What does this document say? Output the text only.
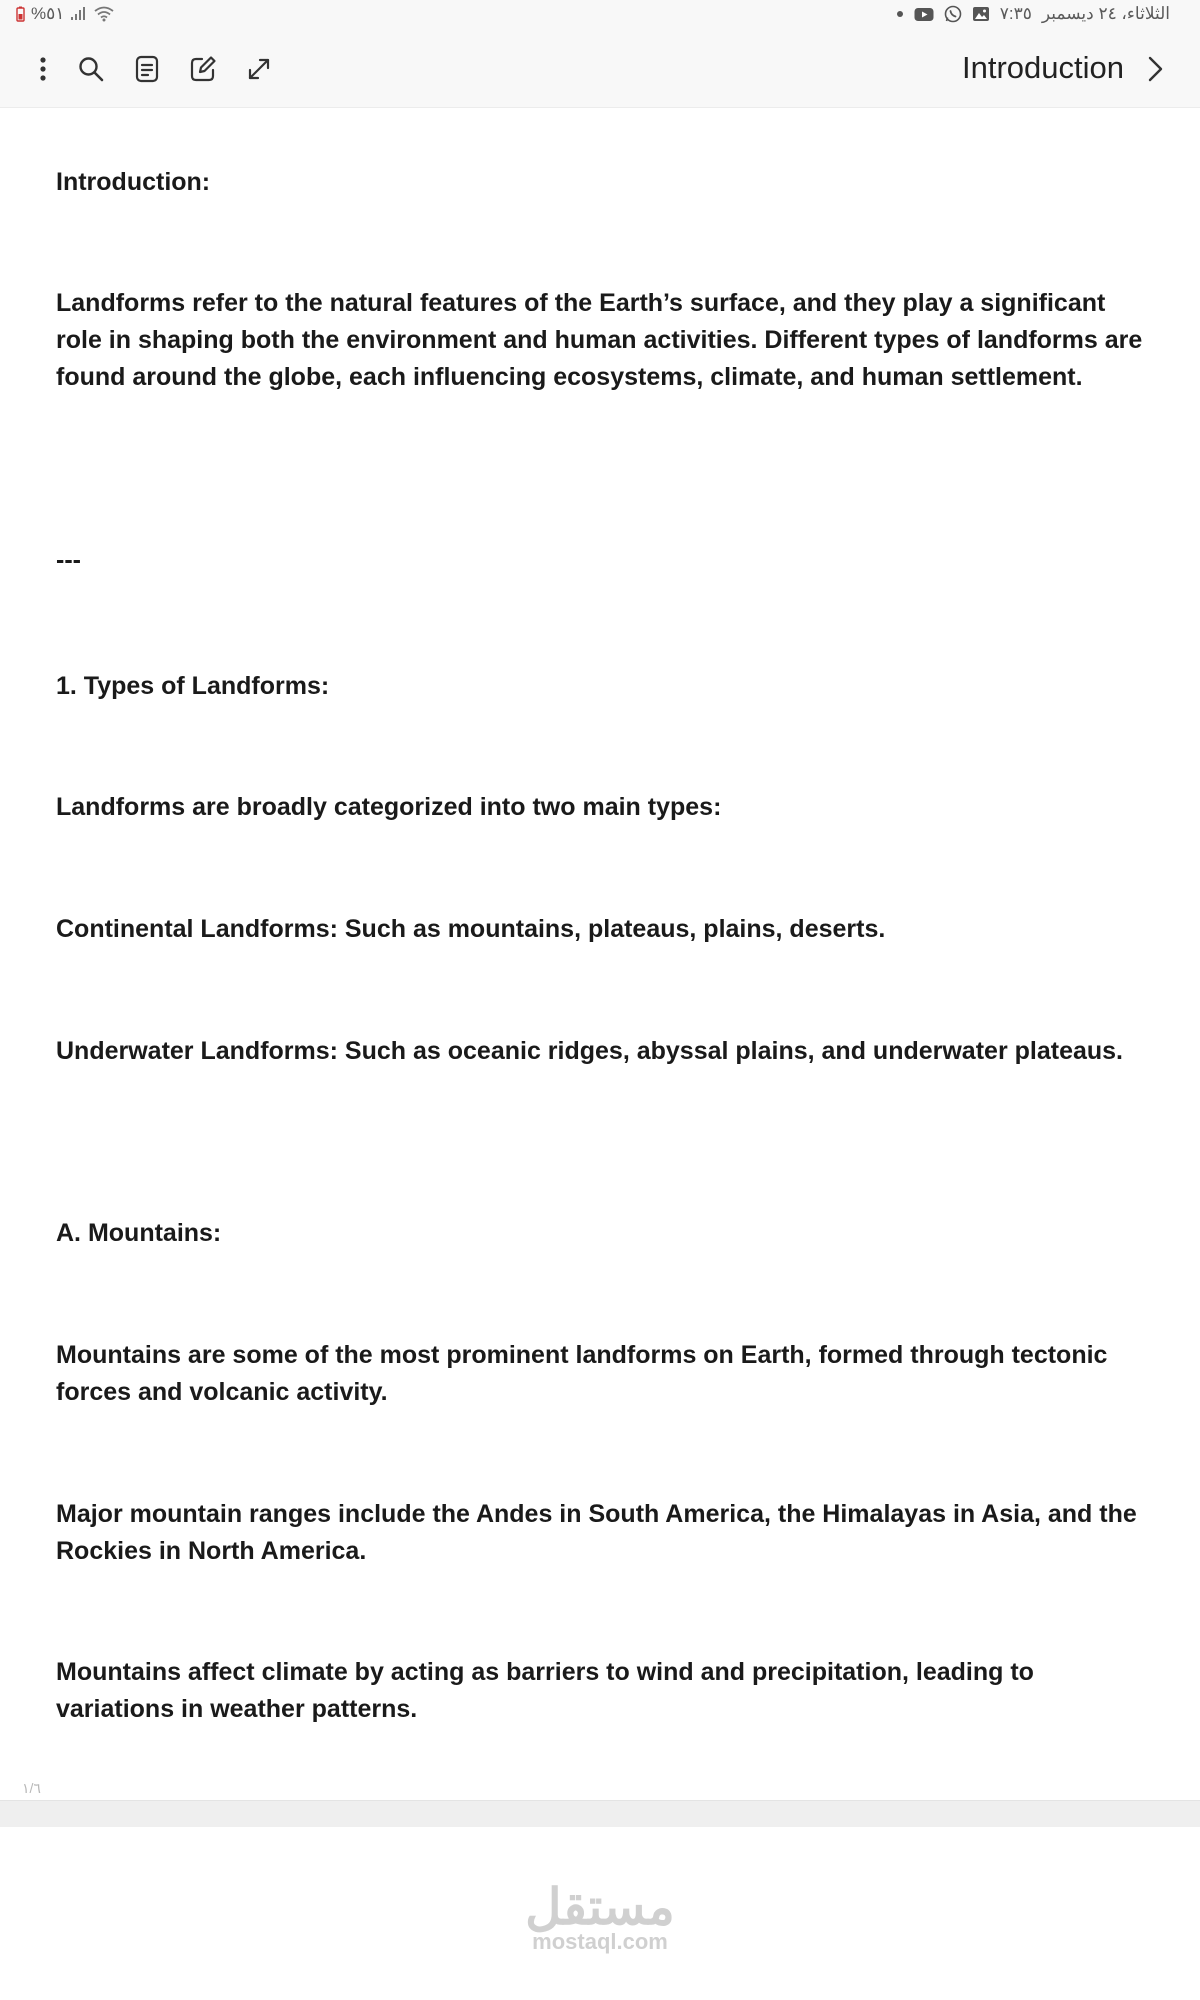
%٥١	الثلاثاء، ٢٤ ديسمبر
٧:٣٥
Introduction

Introduction:

Landforms refer to the natural features of the Earth’s surface, and they play a significant role in shaping both the environment and human activities. Different types of landforms are found around the globe, each influencing ecosystems, climate, and human settlement.

---

1. Types of Landforms:

Landforms are broadly categorized into two main types:

Continental Landforms: Such as mountains, plateaus, plains, deserts.

Underwater Landforms: Such as oceanic ridges, abyssal plains, and underwater plateaus.

A. Mountains:

Mountains are some of the most prominent landforms on Earth, formed through tectonic forces and volcanic activity.

Major mountain ranges include the Andes in South America, the Himalayas in Asia, and the Rockies in North America.

Mountains affect climate by acting as barriers to wind and precipitation, leading to variations in weather patterns.

١/٦
مستقل
mostaql.com
